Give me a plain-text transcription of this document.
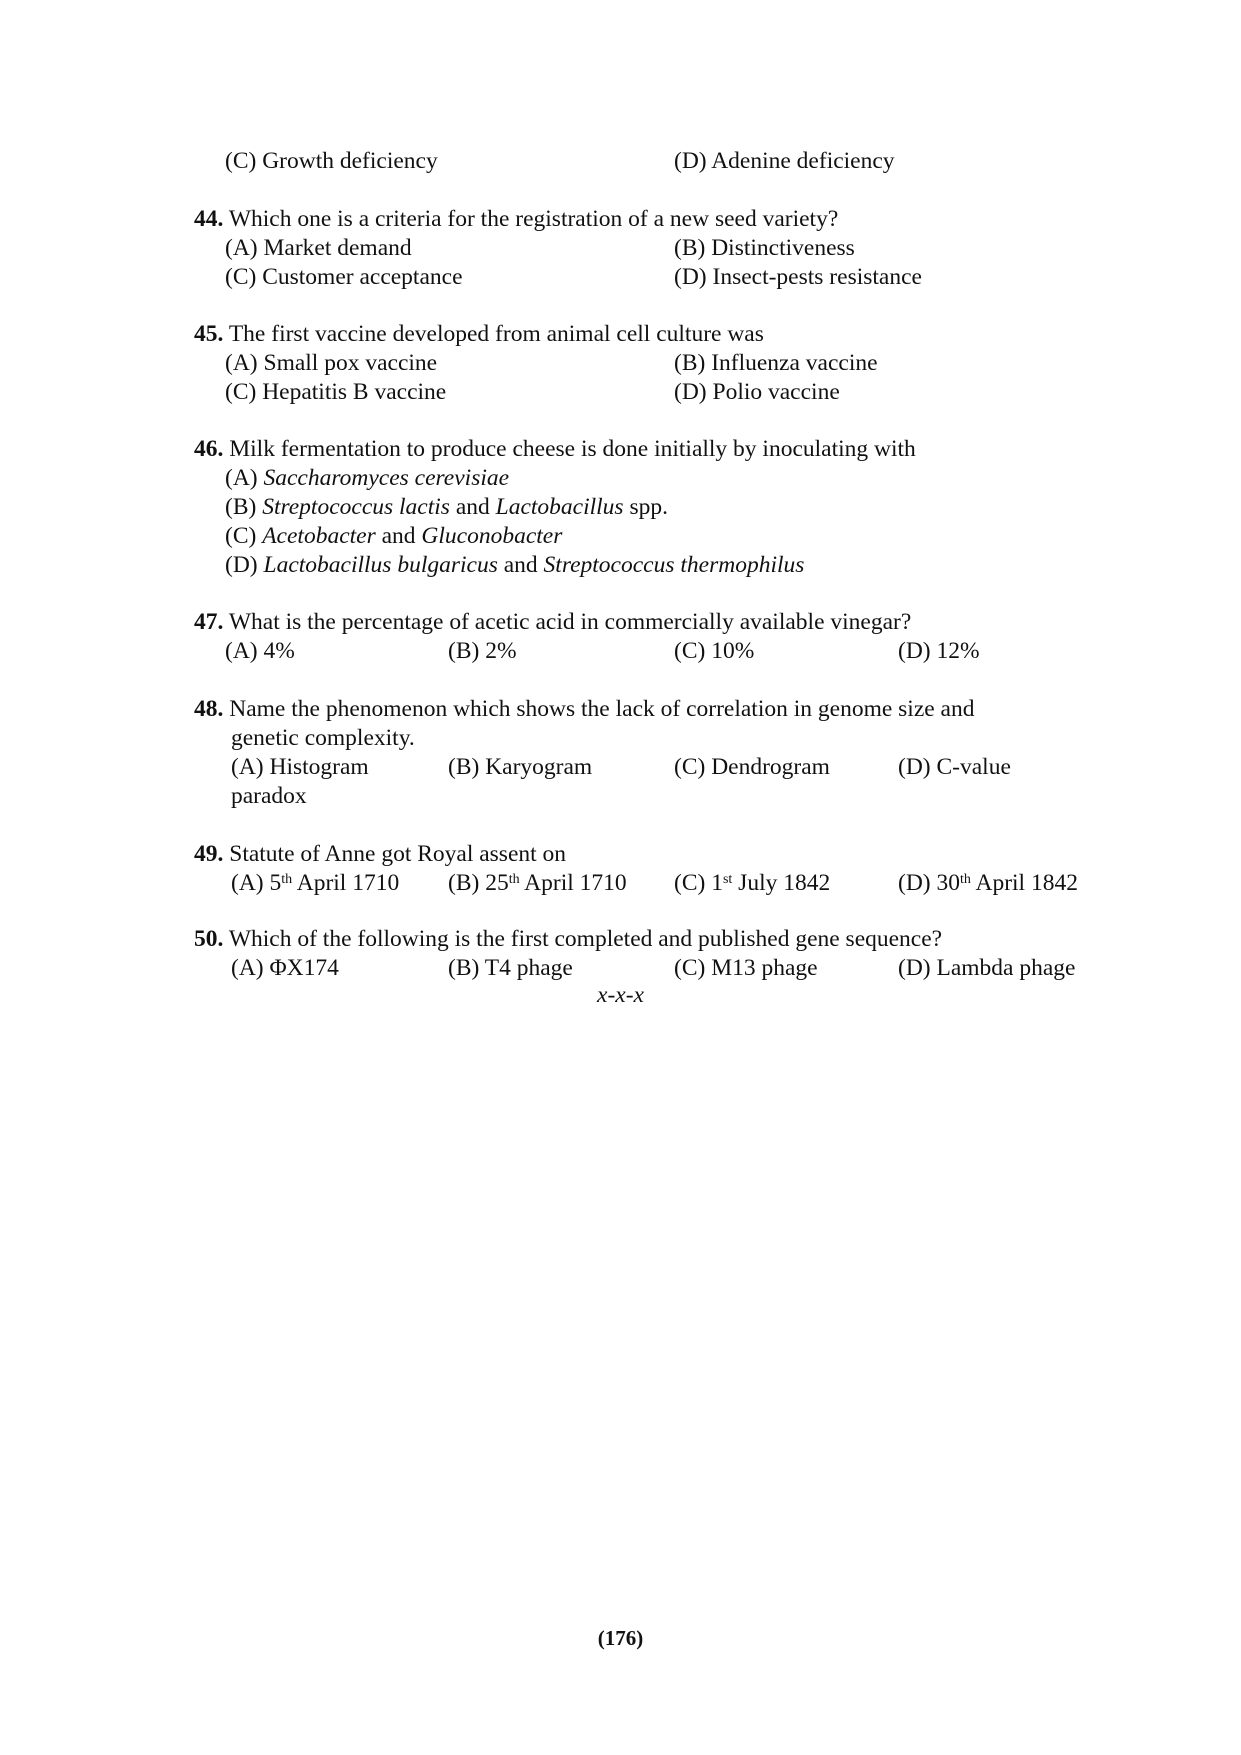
(C) Growth deficiency	(D) Adenine deficiency
44. Which one is a criteria for the registration of a new seed variety?
(A) Market demand	(B) Distinctiveness
(C) Customer acceptance	(D) Insect-pests resistance
45. The first vaccine developed from animal cell culture was
(A) Small pox vaccine	(B) Influenza vaccine
(C) Hepatitis B vaccine	(D) Polio vaccine
46. Milk fermentation to produce cheese is done initially by inoculating with
(A) Saccharomyces cerevisiae
(B) Streptococcus lactis and Lactobacillus spp.
(C) Acetobacter and Gluconobacter
(D) Lactobacillus bulgaricus and Streptococcus thermophilus
47. What is the percentage of acetic acid in commercially available vinegar?
(A) 4%	(B) 2%	(C) 10%	(D) 12%
48. Name the phenomenon which shows the lack of correlation in genome size and
genetic complexity.
(A) Histogram	(B) Karyogram	(C) Dendrogram	(D) C-value
paradox
49. Statute of Anne got Royal assent on
(A) 5th April 1710 (B) 25th April 1710 (C) 1st July 1842	(D) 30th April 1842
50. Which of the following is the first completed and published gene sequence?
(A) ΦX174	(B) T4 phage	(C) M13 phage	(D) Lambda phage
x-x-x
(176)
